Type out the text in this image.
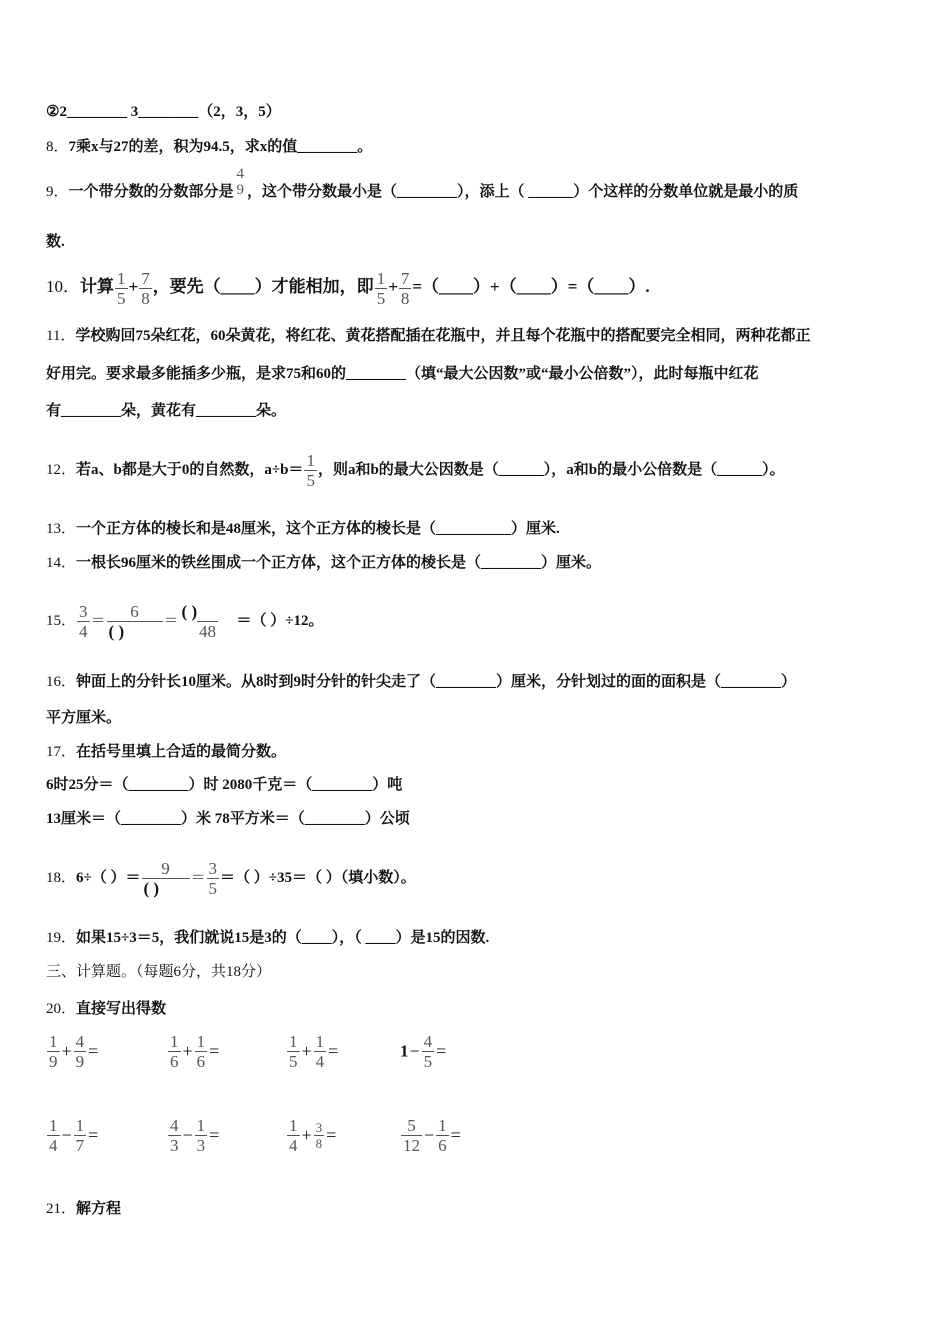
②2________ 3________（2，3，5）
8．7乘x与27的差，积为94.5，求x的值________。
9．一个带分数的分数部分是
4
9 ，这个带分数最小是（________），添上（ ______）个这样的分数单位就是最小的质
数.
10．计算 $\frac{1}{5} + \frac{7}{8}$ ，要先（____）才能相加，即 $\frac{1}{5} + \frac{7}{8}$ =（____）+（____）=（____）.
11．学校购回75朵红花，60朵黄花，将红花、黄花搭配插在花瓶中，并且每个花瓶中的搭配要完全相同，两种花都正
好用完。要求最多能插多少瓶，是求75和60的________（填“最大公因数”或“最小公倍数”），此时每瓶中红花
有________朵，黄花有________朵。
12．若a、b都是大于0的自然数，$a\div b= \frac{1}{5}$ ，则a和b的最大公因数是（______），a和b的最小公倍数是（______）。
13．一个正方体的棱长和是48厘米，这个正方体的棱长是（__________）厘米.
14．一根长96厘米的铁丝围成一个正方体，这个正方体的棱长是（________）厘米。
15． $\frac{3}{4} = \frac{6}{( )} = \frac{( )}{48}$ ＝（ ）÷12。
16．钟面上的分针长10厘米。从8时到9时分针的针尖走了（________）厘米，分针划过的面的面积是（________）
平方厘米。
17．在括号里填上合适的最简分数。
6时25分＝（________）时 2080千克＝（________）吨
13厘米＝（________）米 78平方米＝（________）公顷
18．6÷（ ）＝ $\frac{9}{( )} = \frac{3}{5}$ ＝（ ）÷35＝（ ）（填小数）。
19．如果15÷3＝5，我们就说15是3的（____），（ ____）是15的因数.
三、计算题。（每题6分，共18分）
20．直接写出得数
$\frac{1}{9} + \frac{4}{9}$ =	$\frac{1}{6} + \frac{1}{6}$ =	$\frac{1}{5} + \frac{1}{4}$ =	$1- \frac{4}{5}$ =
$\frac{1}{4} - \frac{1}{7}$ =	$\frac{4}{3} - \frac{1}{3}$ =	$\frac{1}{4} + \frac{3}{8}$ =	$\frac{5}{12} - \frac{1}{6}$ =
21．解方程
